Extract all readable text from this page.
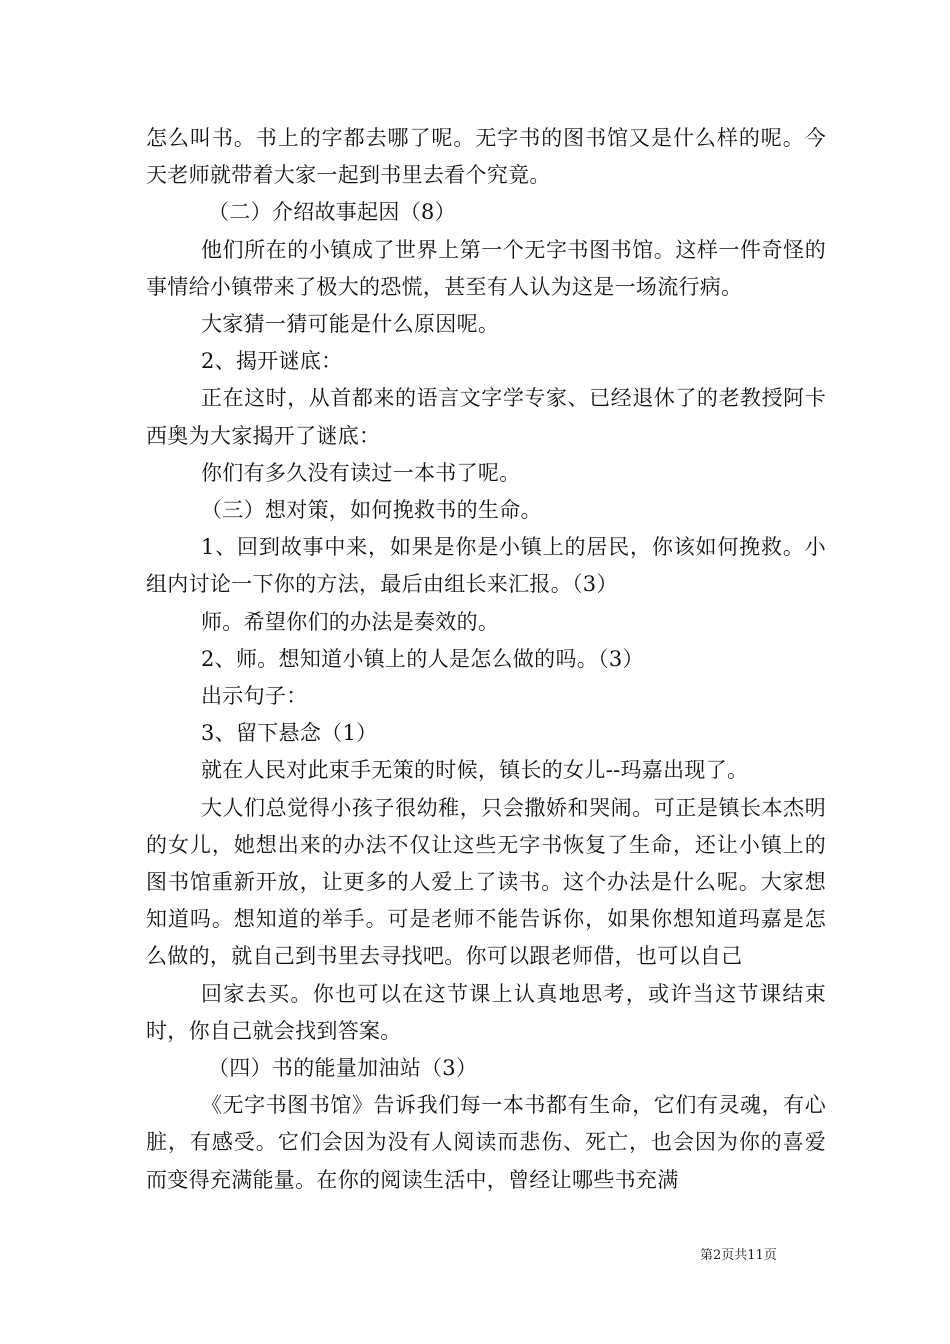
怎么叫书。书上的字都去哪了呢。无字书的图书馆又是什么样的呢。今天老师就带着大家一起到书里去看个究竟。

（二）介绍故事起因（8）

他们所在的小镇成了世界上第一个无字书图书馆。这样一件奇怪的事情给小镇带来了极大的恐慌，甚至有人认为这是一场流行病。

大家猜一猜可能是什么原因呢。

2、揭开谜底：

正在这时，从首都来的语言文字学专家、已经退休了的老教授阿卡西奥为大家揭开了谜底：

你们有多久没有读过一本书了呢。

（三）想对策，如何挽救书的生命。

1、回到故事中来，如果是你是小镇上的居民，你该如何挽救。小组内讨论一下你的方法，最后由组长来汇报。（3）

师。希望你们的办法是奏效的。

2、师。想知道小镇上的人是怎么做的吗。（3）

出示句子：

3、留下悬念（1）

就在人民对此束手无策的时候，镇长的女儿--玛嘉出现了。

大人们总觉得小孩子很幼稚，只会撒娇和哭闹。可正是镇长本杰明的女儿，她想出来的办法不仅让这些无字书恢复了生命，还让小镇上的图书馆重新开放，让更多的人爱上了读书。这个办法是什么呢。大家想知道吗。想知道的举手。可是老师不能告诉你，如果你想知道玛嘉是怎么做的，就自己到书里去寻找吧。你可以跟老师借，也可以自己

回家去买。你也可以在这节课上认真地思考，或许当这节课结束时，你自己就会找到答案。

（四）书的能量加油站（3）

《无字书图书馆》告诉我们每一本书都有生命，它们有灵魂，有心脏，有感受。它们会因为没有人阅读而悲伤、死亡，也会因为你的喜爱而变得充满能量。在你的阅读生活中，曾经让哪些书充满

第2页共11页
